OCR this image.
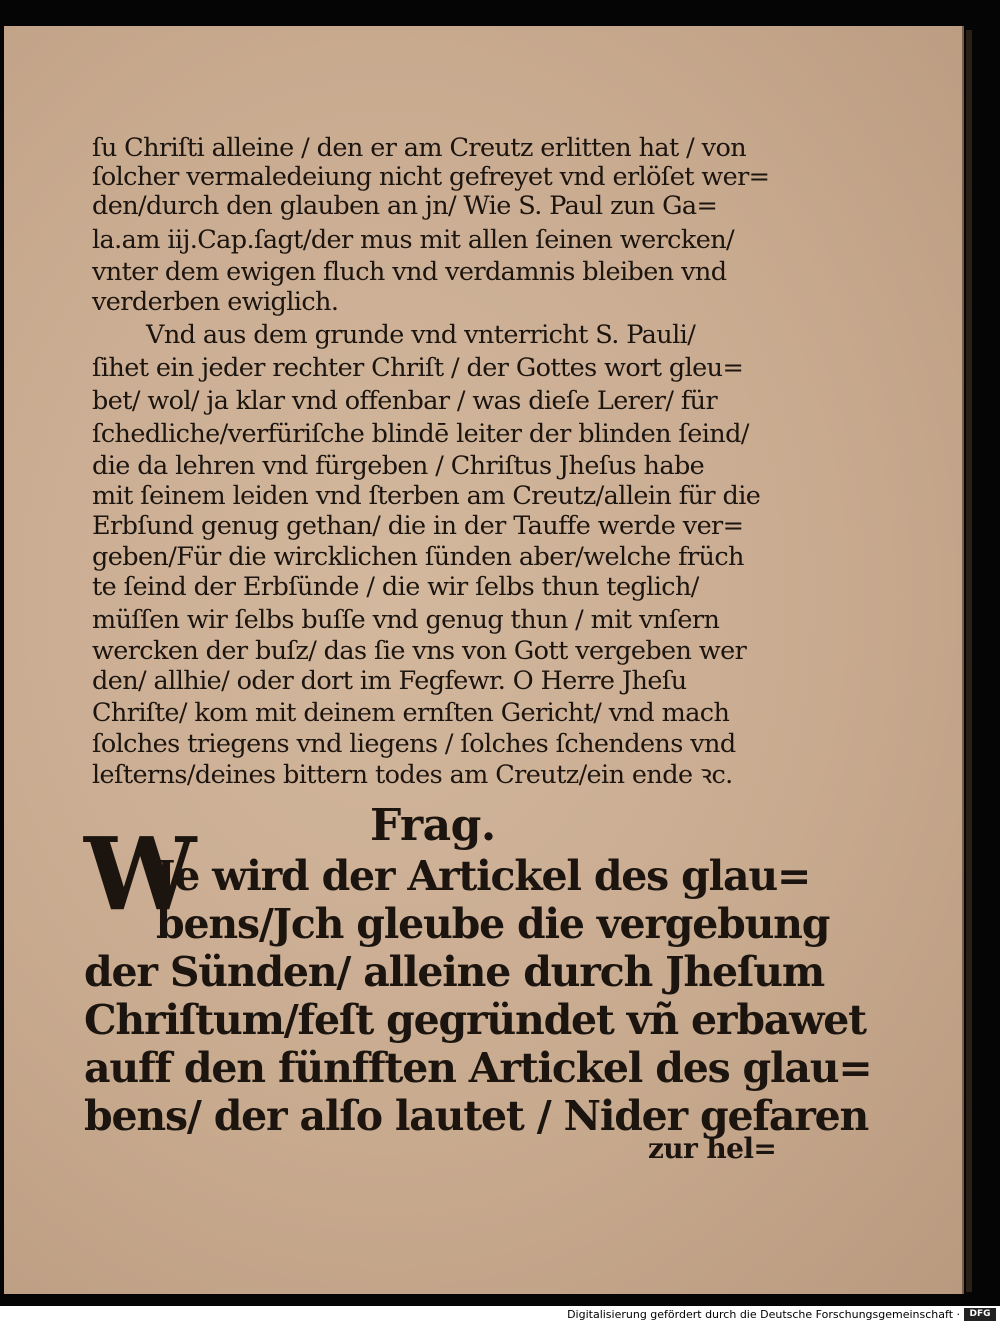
ſu Chriſti alleine / den er am Creutz erlitten hat / von
ſolcher vermaledeiung nicht gefreyet vnd erlöſet wer=
den/durch den glauben an jn/ Wie S. Paul zun Ga=
la.am iij.Cap.ſagt/der mus mit allen ſeinen wercken/
vnter dem ewigen fluch vnd verdamnis bleiben vnd
verderben ewiglich.
Vnd aus dem grunde vnd vnterricht S. Pauli/
ſihet ein jeder rechter Chriſt / der Gottes wort gleu=
bet/ wol/ ja klar vnd offenbar / was dieſe Lerer/ für
ſchedliche/verfüriſche blindē leiter der blinden ſeind/
die da lehren vnd fürgeben / Chriſtus Jheſus habe
mit ſeinem leiden vnd ſterben am Creutz/allein für die
Erbſund genug gethan/ die in der Tauffe werde ver=
geben/Für die wircklichen ſünden aber/welche früch
te ſeind der Erbſünde / die wir ſelbs thun teglich/
müſſen wir ſelbs buſſe vnd genug thun / mit vnſern
wercken der buſz/ das ſie vns von Gott vergeben wer
den/ allhie/ oder dort im Fegfewr. O Herre Jheſu
Chriſte/ kom mit deinem ernſten Gericht/ vnd mach
ſolches triegens vnd liegens / ſolches ſchendens vnd
leſterns/deines bittern todes am Creutz/ein ende ꝛc.
Frag.
W
Je wird der Artickel des glau=
bens/Jch gleube die vergebung
der Sünden/ alleine durch Jheſum
Chriſtum/feſt gegründet vñ erbawet
auff den fünfften Artickel des glau=
bens/ der alſo lautet / Nider gefaren
zur hel=
Digitalisierung gefördert durch die Deutsche Forschungsgemeinschaft ·	DFG
